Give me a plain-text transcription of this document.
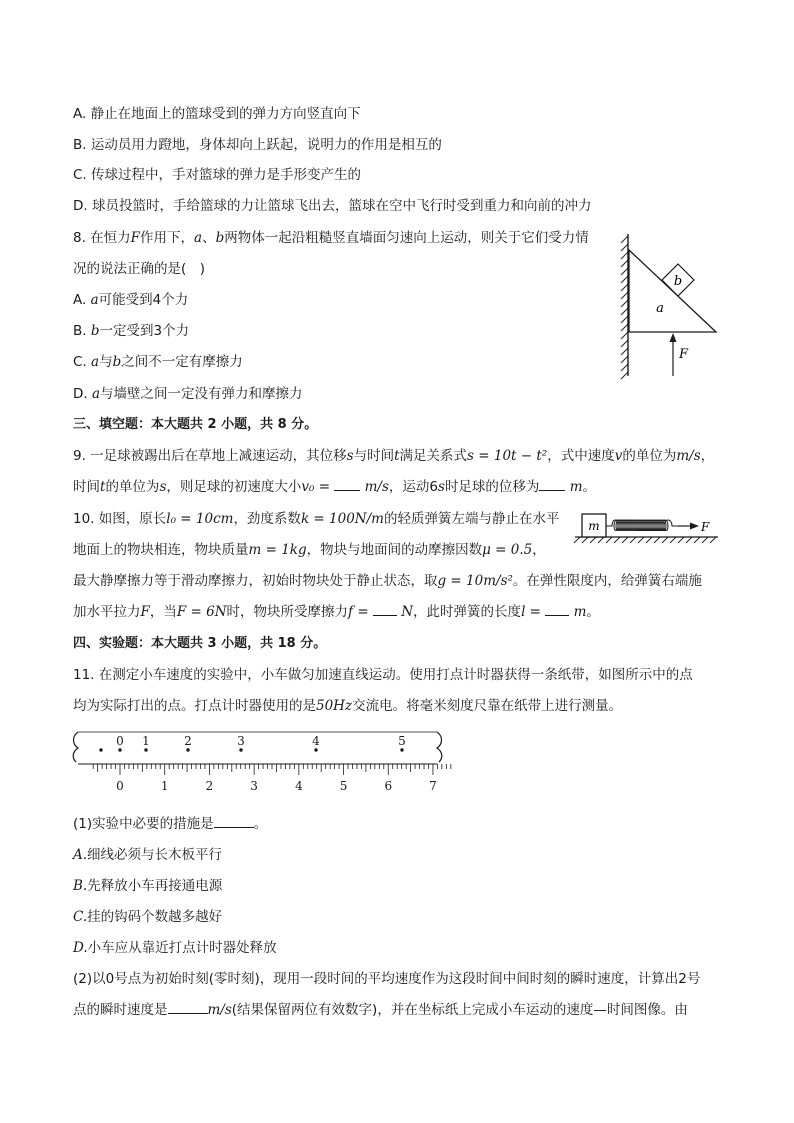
A. 静止在地面上的篮球受到的弹力方向竖直向下
B. 运动员用力蹬地，身体却向上跃起，说明力的作用是相互的
C. 传球过程中，手对篮球的弹力是手形变产生的
D. 球员投篮时，手给篮球的力让篮球飞出去，篮球在空中飞行时受到重力和向前的冲力
8. 在恒力F作用下，a、b两物体一起沿粗糙竖直墙面匀速向上运动，则关于它们受力情
况的说法正确的是(　)
A. a可能受到4个力
B. b一定受到3个力
C. a与b之间不一定有摩擦力
D. a与墙壁之间一定没有弹力和摩擦力
b
a
F
三、填空题：本大题共 2 小题，共 8 分。
9. 一足球被踢出后在草地上减速运动，其位移s与时间t满足关系式s = 10t − t²，式中速度v的单位为m/s，
时间t的单位为s，则足球的初速度大小v₀ =  m/s，运动6s时足球的位移为 m。
10. 如图，原长l₀ = 10cm，劲度系数k = 100N/m的轻质弹簧左端与静止在水平
地面上的物块相连，物块质量m = 1kg，物块与地面间的动摩擦因数μ = 0.5，
最大静摩擦力等于滑动摩擦力，初始时物块处于静止状态，取g = 10m/s²。在弹性限度内，给弹簧右端施
加水平拉力F，当F = 6N时，物块所受摩擦力f =  N，此时弹簧的长度l =  m。
m	F
四、实验题：本大题共 3 小题，共 18 分。
11. 在测定小车速度的实验中，小车做匀加速直线运动。使用打点计时器获得一条纸带，如图所示中的点
均为实际打出的点。打点计时器使用的是50Hz交流电。将毫米刻度尺靠在纸带上进行测量。
0 1	2	3	4	5
0	1	2	3	4	5	6	7
(1)实验中必要的措施是	。
A.细线必须与长木板平行
B.先释放小车再接通电源
C.挂的钩码个数越多越好
D.小车应从靠近打点计时器处释放
(2)以0号点为初始时刻(零时刻)，现用一段时间的平均速度作为这段时间中间时刻的瞬时速度，计算出2号
点的瞬时速度是	m/s(结果保留两位有效数字)，并在坐标纸上完成小车运动的速度—时间图像。由
